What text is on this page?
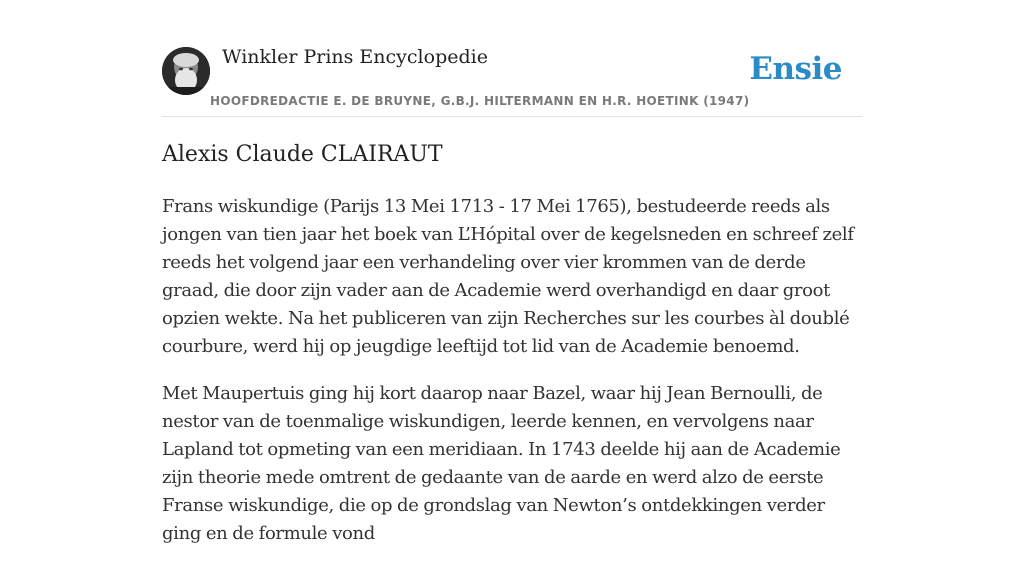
Winkler Prins Encyclopedie
HOOFDREDACTIE E. DE BRUYNE, G.B.J. HILTERMANN EN H.R. HOETINK (1947)
Ensie
Alexis Claude CLAIRAUT

Frans wiskundige (Parijs 13 Mei 1713 - 17 Mei 1765), bestudeerde reeds als jongen van tien jaar het boek van L’Hópital over de kegelsneden en schreef zelf reeds het volgend jaar een verhandeling over vier krommen van de derde graad, die door zijn vader aan de Academie werd overhandigd en daar groot opzien wekte. Na het publiceren van zijn Recherches sur les courbes àl doublé courbure, werd hij op jeugdige leeftijd tot lid van de Academie benoemd.

Met Maupertuis ging hij kort daarop naar Bazel, waar hij Jean Bernoulli, de nestor van de toenmalige wiskundigen, leerde kennen, en vervolgens naar Lapland tot opmeting van een meridiaan. In 1743 deelde hij aan de Academie zijn theorie mede omtrent de gedaante van de aarde en werd alzo de eerste Franse wiskundige, die op de grondslag van Newton’s ontdekkingen verder ging en de formule vond
